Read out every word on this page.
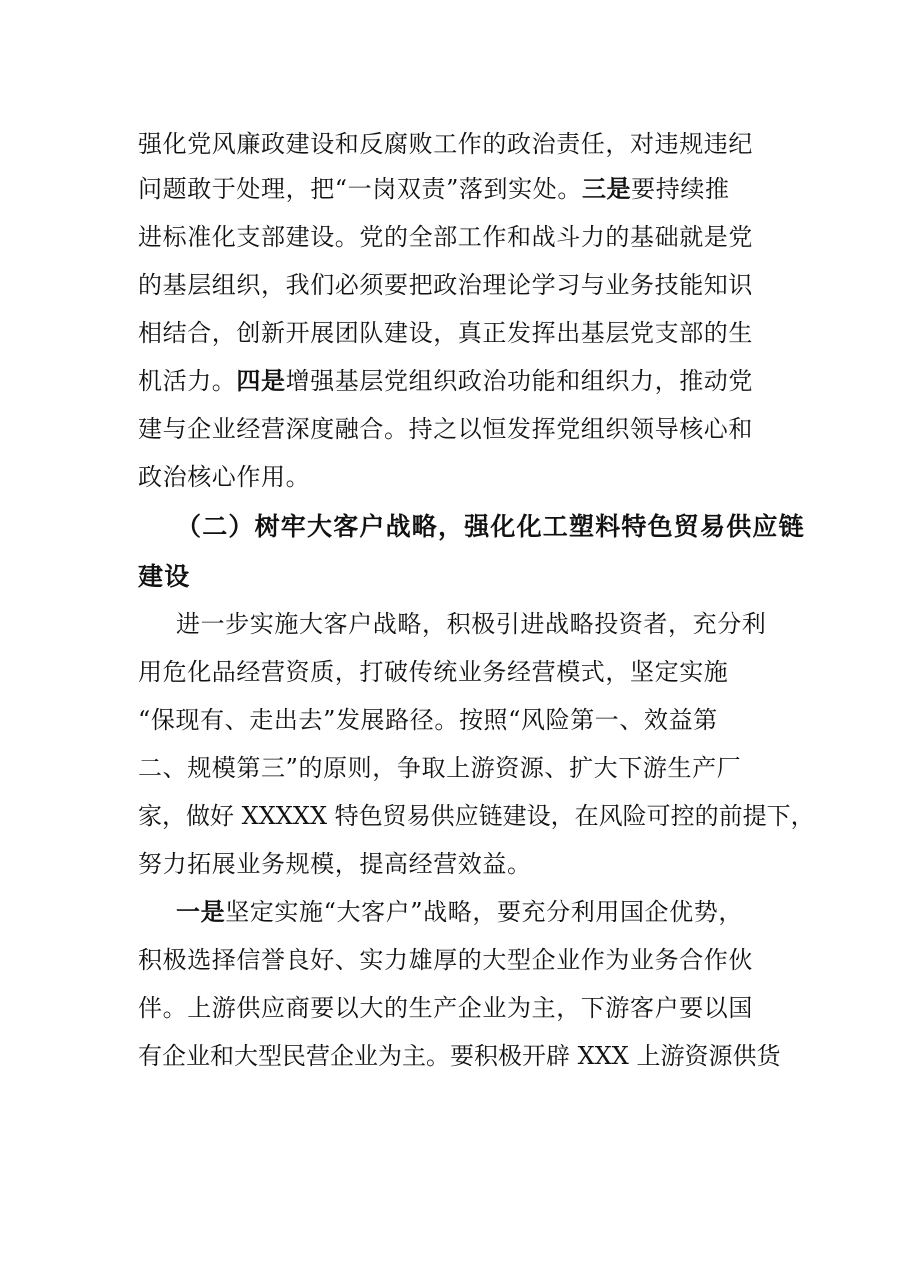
强化党风廉政建设和反腐败工作的政治责任，对违规违纪
问题敢于处理，把“一岗双责”落到实处。三是要持续推
进标准化支部建设。党的全部工作和战斗力的基础就是党
的基层组织，我们必须要把政治理论学习与业务技能知识
相结合，创新开展团队建设，真正发挥出基层党支部的生
机活力。四是增强基层党组织政治功能和组织力，推动党
建与企业经营深度融合。持之以恒发挥党组织领导核心和
政治核心作用。
（二）树牢大客户战略，强化化工塑料特色贸易供应链
建设
进一步实施大客户战略，积极引进战略投资者，充分利
用危化品经营资质，打破传统业务经营模式，坚定实施
“保现有、走出去”发展路径。按照“风险第一、效益第
二、规模第三”的原则，争取上游资源、扩大下游生产厂
家，做好 XXXXX 特色贸易供应链建设，在风险可控的前提下，
努力拓展业务规模，提高经营效益。
一是坚定实施“大客户”战略，要充分利用国企优势，
积极选择信誉良好、实力雄厚的大型企业作为业务合作伙
伴。上游供应商要以大的生产企业为主，下游客户要以国
有企业和大型民营企业为主。要积极开辟 XXX 上游资源供货
